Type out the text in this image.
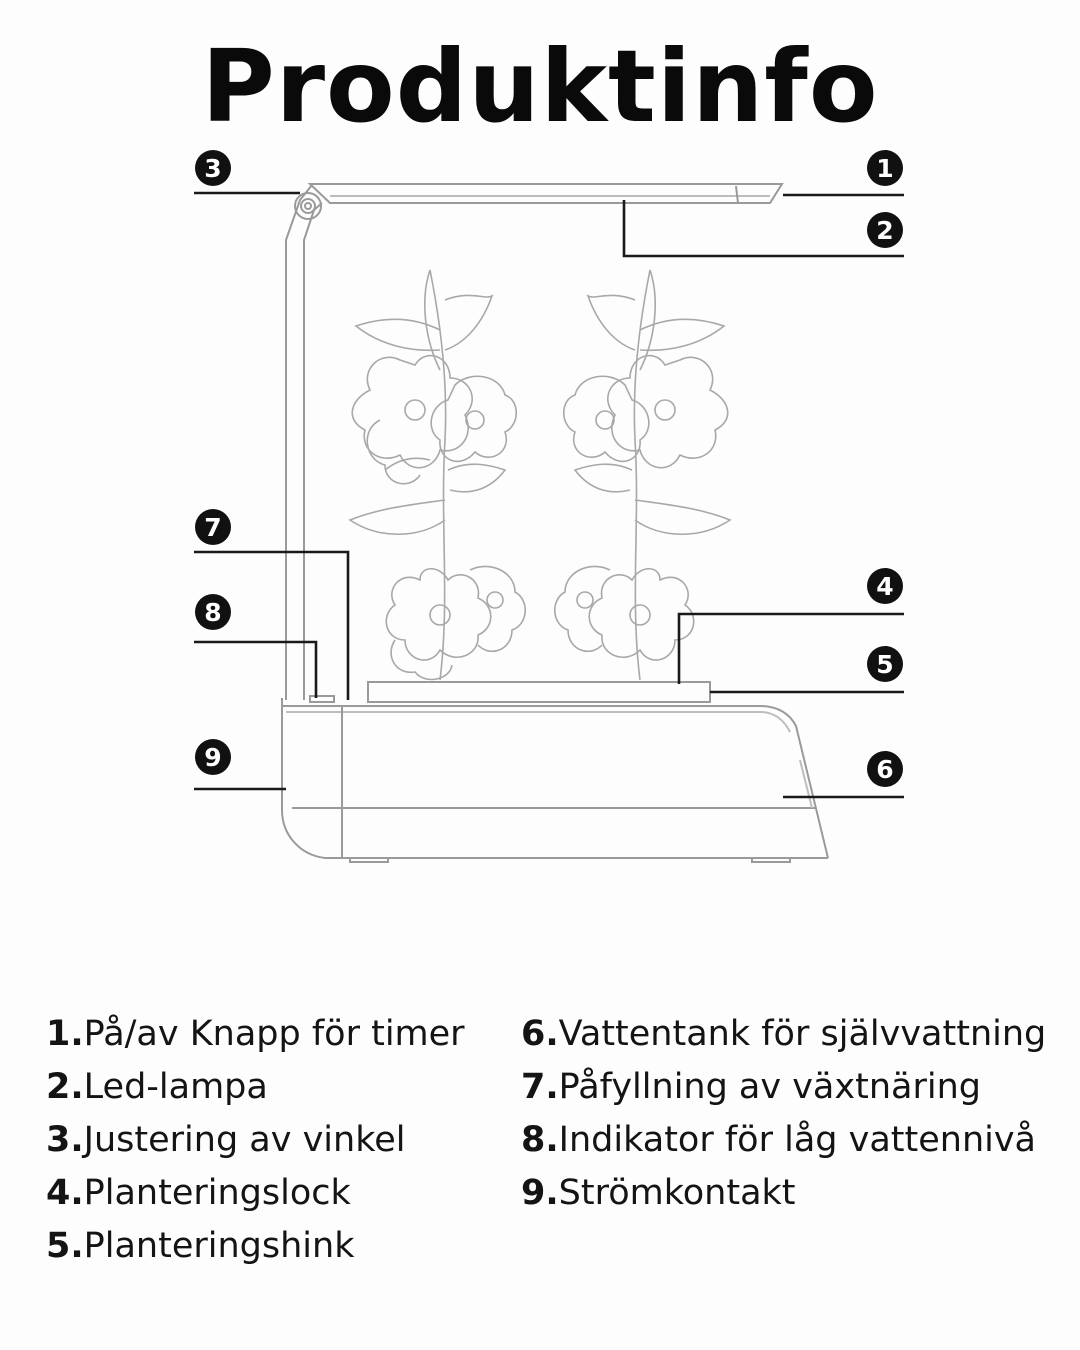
Produktinfo
1
2
3
4
5
6
7
8
9
1.På/av Knapp för timer
2.Led-lampa
3.Justering av vinkel
4.Planteringslock
5.Planteringshink
6.Vattentank för självvattning
7.Påfyllning av växtnäring
8.Indikator för låg vattennivå
9.Strömkontakt
